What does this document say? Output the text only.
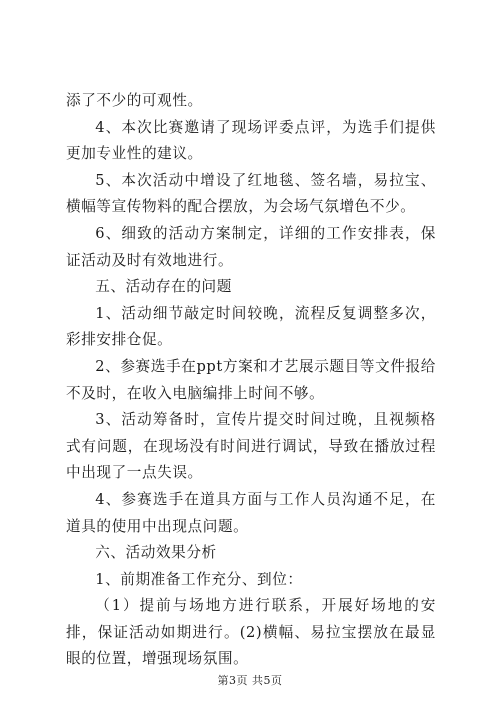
添了不少的可观性。

4、本次比赛邀请了现场评委点评，为选手们提供更加专业性的建议。

5、本次活动中增设了红地毯、签名墙，易拉宝、横幅等宣传物料的配合摆放，为会场气氛增色不少。

6、细致的活动方案制定，详细的工作安排表，保证活动及时有效地进行。

五、活动存在的问题

1、活动细节敲定时间较晚，流程反复调整多次，彩排安排仓促。

2、参赛选手在ppt方案和才艺展示题目等文件报给不及时，在收入电脑编排上时间不够。

3、活动筹备时，宣传片提交时间过晚，且视频格式有问题，在现场没有时间进行调试，导致在播放过程中出现了一点失误。

4、参赛选手在道具方面与工作人员沟通不足，在道具的使用中出现点问题。

六、活动效果分析

1、前期准备工作充分、到位：

（1）提前与场地方进行联系，开展好场地的安排，保证活动如期进行。(2)横幅、易拉宝摆放在最显眼的位置，增强现场氛围。

第3页 共5页
